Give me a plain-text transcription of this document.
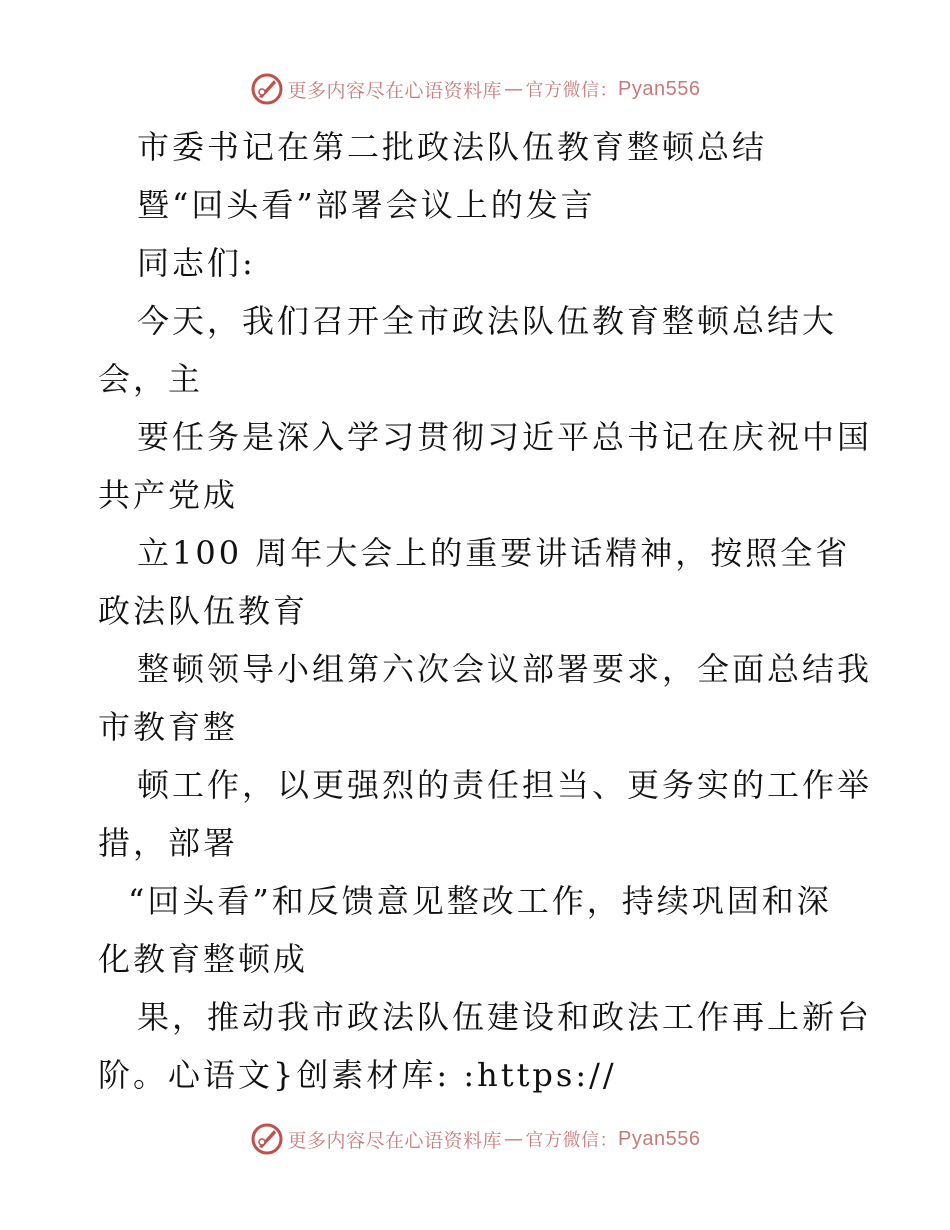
更多内容尽在心语资料库 — 官方微信： Pyan556
市委书记在第二批政法队伍教育整顿总结
暨“回头看”部署会议上的发言
同志们:
今天，我们召开全市政法队伍教育整顿总结大
会，主
要任务是深入学习贯彻习近平总书记在庆祝中国
共产党成
立100 周年大会上的重要讲话精神，按照全省
政法队伍教育
整顿领导小组第六次会议部署要求，全面总结我
市教育整
顿工作，以更强烈的责任担当、更务实的工作举
措，部署
“回头看”和反馈意见整改工作，持续巩固和深
化教育整顿成
果，推动我市政法队伍建设和政法工作再上新台
阶。心语文}创素材库: :https://
更多内容尽在心语资料库 — 官方微信： Pyan556
